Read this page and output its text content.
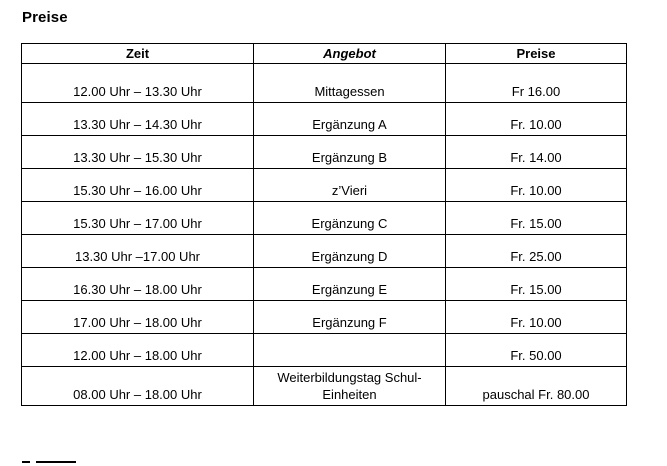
Preise
Zeit	Angebot	Preise
12.00 Uhr – 13.30 Uhr	Mittagessen	Fr 16.00
13.30 Uhr – 14.30 Uhr	Ergänzung A	Fr. 10.00
13.30 Uhr – 15.30 Uhr	Ergänzung B	Fr. 14.00
15.30 Uhr – 16.00 Uhr	z’Vieri	Fr. 10.00
15.30 Uhr – 17.00 Uhr	Ergänzung C	Fr. 15.00
13.30 Uhr –17.00 Uhr	Ergänzung D	Fr. 25.00
16.30 Uhr – 18.00 Uhr	Ergänzung E	Fr. 15.00
17.00 Uhr – 18.00 Uhr	Ergänzung F	Fr. 10.00
12.00 Uhr – 18.00 Uhr		Fr. 50.00
08.00 Uhr – 18.00 Uhr	Weiterbildungstag Schul-Einheiten	pauschal Fr. 80.00
